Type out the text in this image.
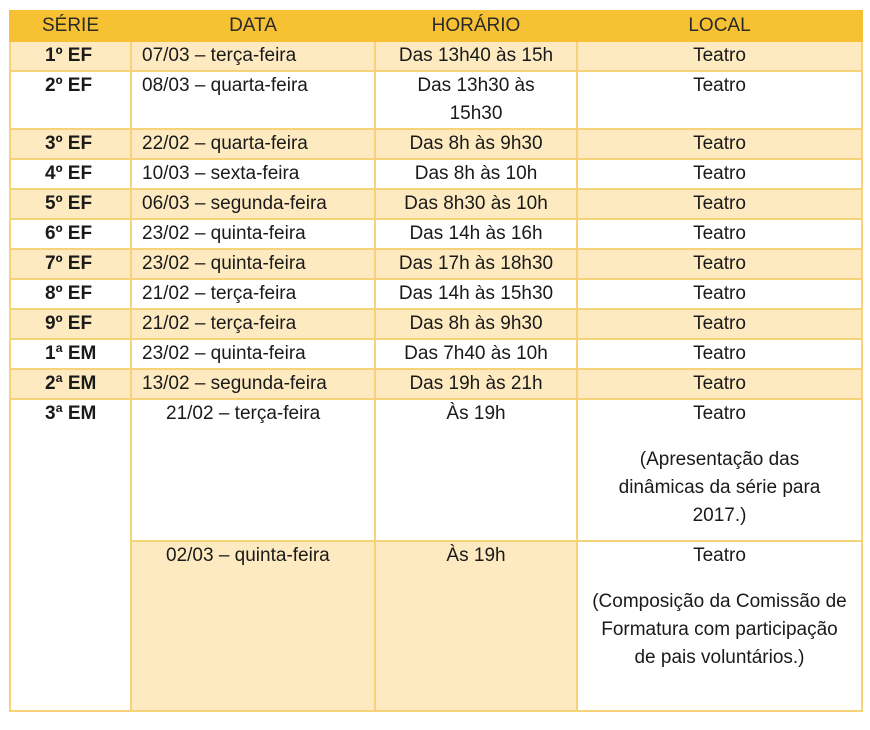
SÉRIE	DATA	HORÁRIO	LOCAL
1º EF	07/03 – terça-feira	Das 13h40 às 15h	Teatro
2º EF	08/03 – quarta-feira	Das 13h30 às 15h30	Teatro
3º EF	22/02 – quarta-feira	Das 8h às 9h30	Teatro
4º EF	10/03 – sexta-feira	Das 8h às 10h	Teatro
5º EF	06/03 – segunda-feira	Das 8h30 às 10h	Teatro
6º EF	23/02 – quinta-feira	Das 14h às 16h	Teatro
7º EF	23/02 – quinta-feira	Das 17h às 18h30	Teatro
8º EF	21/02 – terça-feira	Das 14h às 15h30	Teatro
9º EF	21/02 – terça-feira	Das 8h às 9h30	Teatro
1ª EM	23/02 – quinta-feira	Das 7h40 às 10h	Teatro
2ª EM	13/02 – segunda-feira	Das 19h às 21h	Teatro
3ª EM	21/02 – terça-feira	Às 19h	Teatro
(Apresentação das dinâmicas da série para 2017.)

	02/03 – quinta-feira	Às 19h	Teatro
(Composição da Comissão de Formatura com participação de pais voluntários.)
